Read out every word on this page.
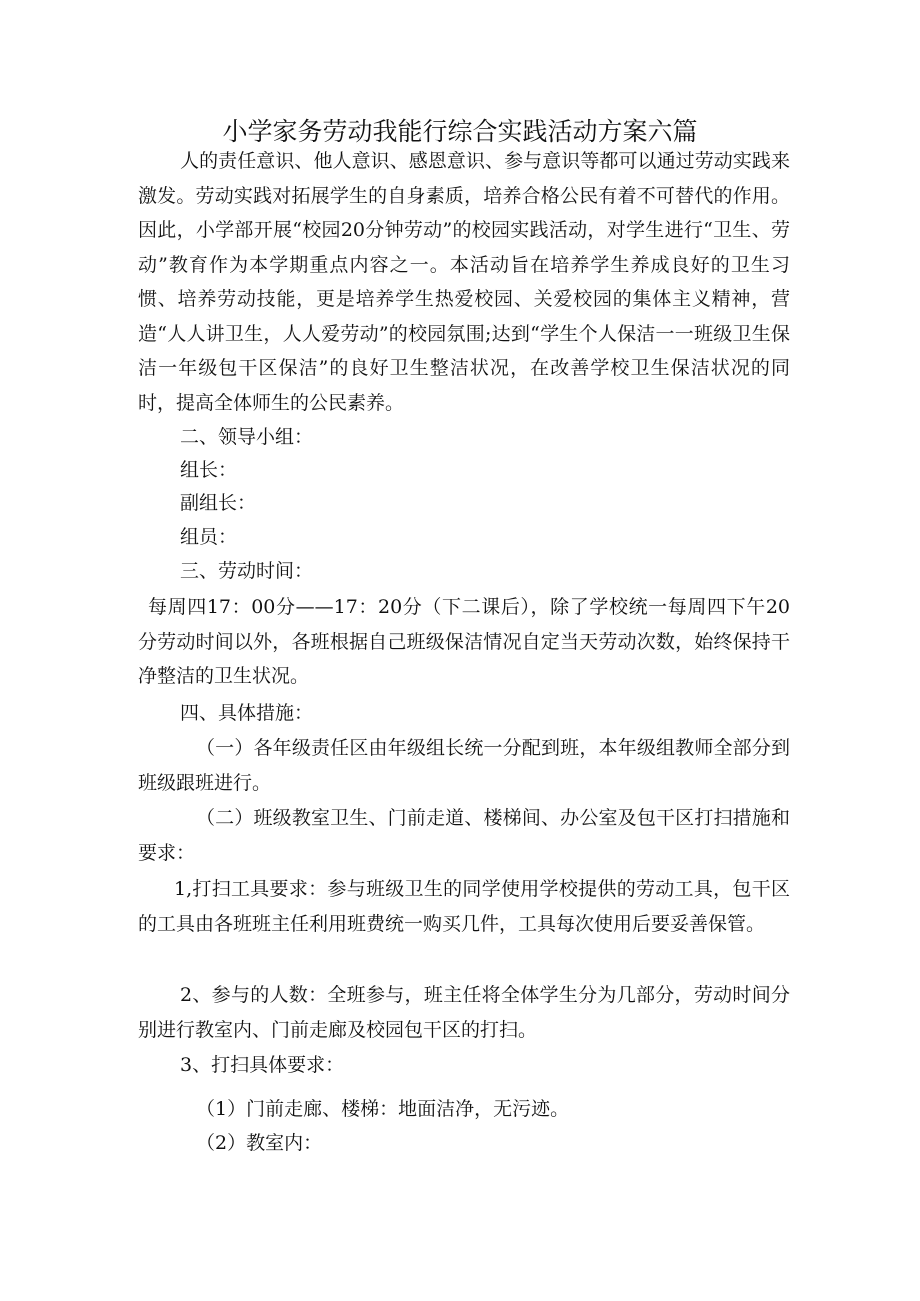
小学家务劳动我能行综合实践活动方案六篇

人的责任意识、他人意识、感恩意识、参与意识等都可以通过劳动实践来激发。劳动实践对拓展学生的自身素质，培养合格公民有着不可替代的作用。因此，小学部开展“校园20分钟劳动”的校园实践活动，对学生进行“卫生、劳动”教育作为本学期重点内容之一。本活动旨在培养学生养成良好的卫生习惯、培养劳动技能，更是培养学生热爱校园、关爱校园的集体主义精神，营造“人人讲卫生，人人爱劳动”的校园氛围;达到“学生个人保洁一一班级卫生保洁一年级包干区保洁”的良好卫生整洁状况，在改善学校卫生保洁状况的同时，提高全体师生的公民素养。

二、领导小组：

组长：

副组长：

组员：

三、劳动时间：

每周四17：00分——17：20分（下二课后），除了学校统一每周四下午20分劳动时间以外，各班根据自己班级保洁情况自定当天劳动次数，始终保持干净整洁的卫生状况。

四、具体措施：

（一）各年级责任区由年级组长统一分配到班，本年级组教师全部分到班级跟班进行。

（二）班级教室卫生、门前走道、楼梯间、办公室及包干区打扫措施和要求：

1,打扫工具要求：参与班级卫生的同学使用学校提供的劳动工具，包干区的工具由各班班主任利用班费统一购买几件，工具每次使用后要妥善保管。

2、参与的人数：全班参与，班主任将全体学生分为几部分，劳动时间分别进行教室内、门前走廊及校园包干区的打扫。

3、打扫具体要求：

（1）门前走廊、楼梯：地面洁净，无污迹。

（2）教室内：
